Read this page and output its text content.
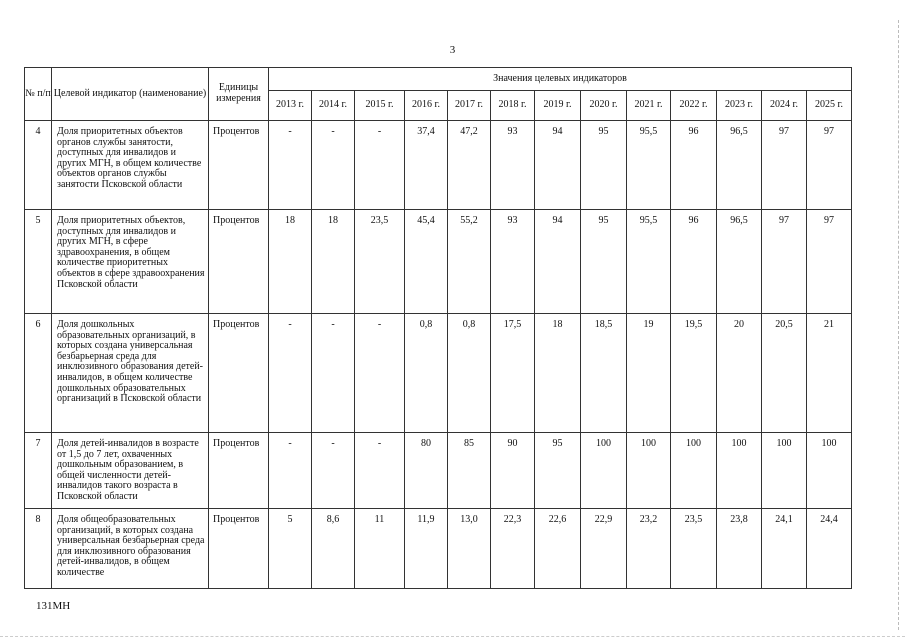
3
№ п/п	Целевой индикатор (наименование)	Единицы измерения	Значения целевых индикаторов												
			2013 г.	2014 г.	2015 г.	2016 г.	2017 г.	2018 г.	2019 г.	2020 г.	2021 г.	2022 г.	2023 г.	2024 г.	2025 г.
4	Доля приоритетных объектов органов службы занятости, доступных для инвалидов и других МГН, в общем количестве объектов органов службы занятости Псковской области	Процентов	-	-	-	37,4	47,2	93	94	95	95,5	96	96,5	97	97
5	Доля приоритетных объектов, доступных для инвалидов и других МГН, в сфере здравоохранения, в общем количестве приоритетных объектов в сфере здравоохранения Псковской области	Процентов	18	18	23,5	45,4	55,2	93	94	95	95,5	96	96,5	97	97
6	Доля дошкольных образовательных организаций, в которых создана универсальная безбарьерная среда для инклюзивного образования детей-инвалидов, в общем количестве дошкольных образовательных организаций в Псковской области	Процентов	-	-	-	0,8	0,8	17,5	18	18,5	19	19,5	20	20,5	21
7	Доля детей-инвалидов в возрасте от 1,5 до 7 лет, охваченных дошкольным образованием, в общей численности детей-инвалидов такого возраста в Псковской области	Процентов	-	-	-	80	85	90	95	100	100	100	100	100	100
8	Доля общеобразовательных организаций, в которых создана универсальная безбарьерная среда для инклюзивного образования детей-инвалидов, в общем количестве	Процентов	5	8,6	11	11,9	13,0	22,3	22,6	22,9	23,2	23,5	23,8	24,1	24,4
131МН
